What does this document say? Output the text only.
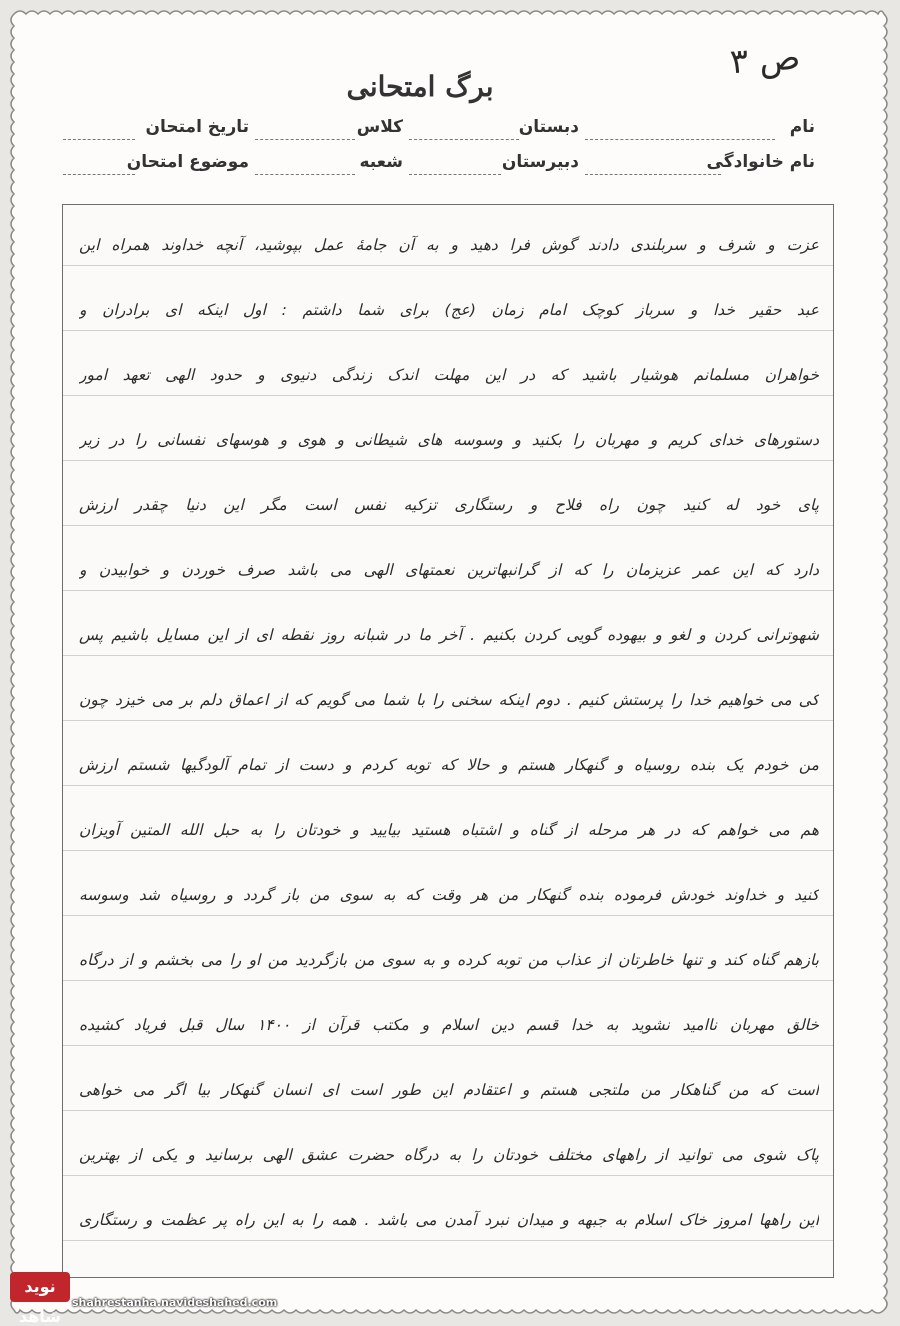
ص ۳
برگ امتحانی
نام
دبستان
کلاس
تاریخ امتحان
نام خانوادگی
دبیرستان
شعبه
موضوع امتحان
عزت و شرف و سربلندی دادند گوش فرا دهید و به آن جامهٔ عمل بپوشید، آنچه خداوند همراه این
عبد حقیر خدا و سرباز کوچک امام زمان (عج) برای شما داشتم : اول اینکه ای برادران و
خواهران مسلمانم هوشیار باشید که در این مهلت اندک زندگی دنیوی و حدود الهی تعهد امور
دستورهای خدای کریم و مهربان را بکنید و وسوسه های شیطانی و هوی و هوسهای نفسانی را در زیر
پای خود له کنید چون راه فلاح و رستگاری تزکیه نفس است مگر این دنیا چقدر ارزش
دارد که این عمر عزیزمان را که از گرانبهاترین نعمتهای الهی می باشد صرف خوردن و خوابیدن و
شهوترانی کردن و لغو و بیهوده گویی کردن بکنیم . آخر ما در شبانه روز نقطه ای از این مسایل باشیم پس
کی می خواهیم خدا را پرستش کنیم . دوم اینکه سخنی را با شما می گویم که از اعماق دلم بر می خیزد چون
من خودم یک بنده روسیاه و گنهکار هستم و حالا که توبه کردم و دست از تمام آلودگیها شستم ارزش
هم می خواهم که در هر مرحله از گناه و اشتباه هستید بیایید و خودتان را به حبل الله المتین آویزان
کنید و خداوند خودش فرموده بنده گنهکار من هر وقت که به سوی من باز گردد و روسیاه شد وسوسه
بازهم گناه کند و تنها خاطرتان از عذاب من توبه کرده و به سوی من بازگردید من او را می بخشم و از درگاه
خالق مهربان ناامید نشوید به خدا قسم دین اسلام و مکتب قرآن از ۱۴۰۰ سال قبل فریاد کشیده
است که من گناهکار من ملتجی هستم و اعتقادم این طور است ای انسان گنهکار بیا اگر می خواهی
پاک شوی می توانید از راههای مختلف خودتان را به درگاه حضرت عشق الهی برسانید و یکی از بهترین
این راهها امروز خاک اسلام به جبهه و میدان نبرد آمدن می باشد . همه را به این راه پر عظمت و رستگاری
نوید شاهد
shahrestanha.navideshahed.com
